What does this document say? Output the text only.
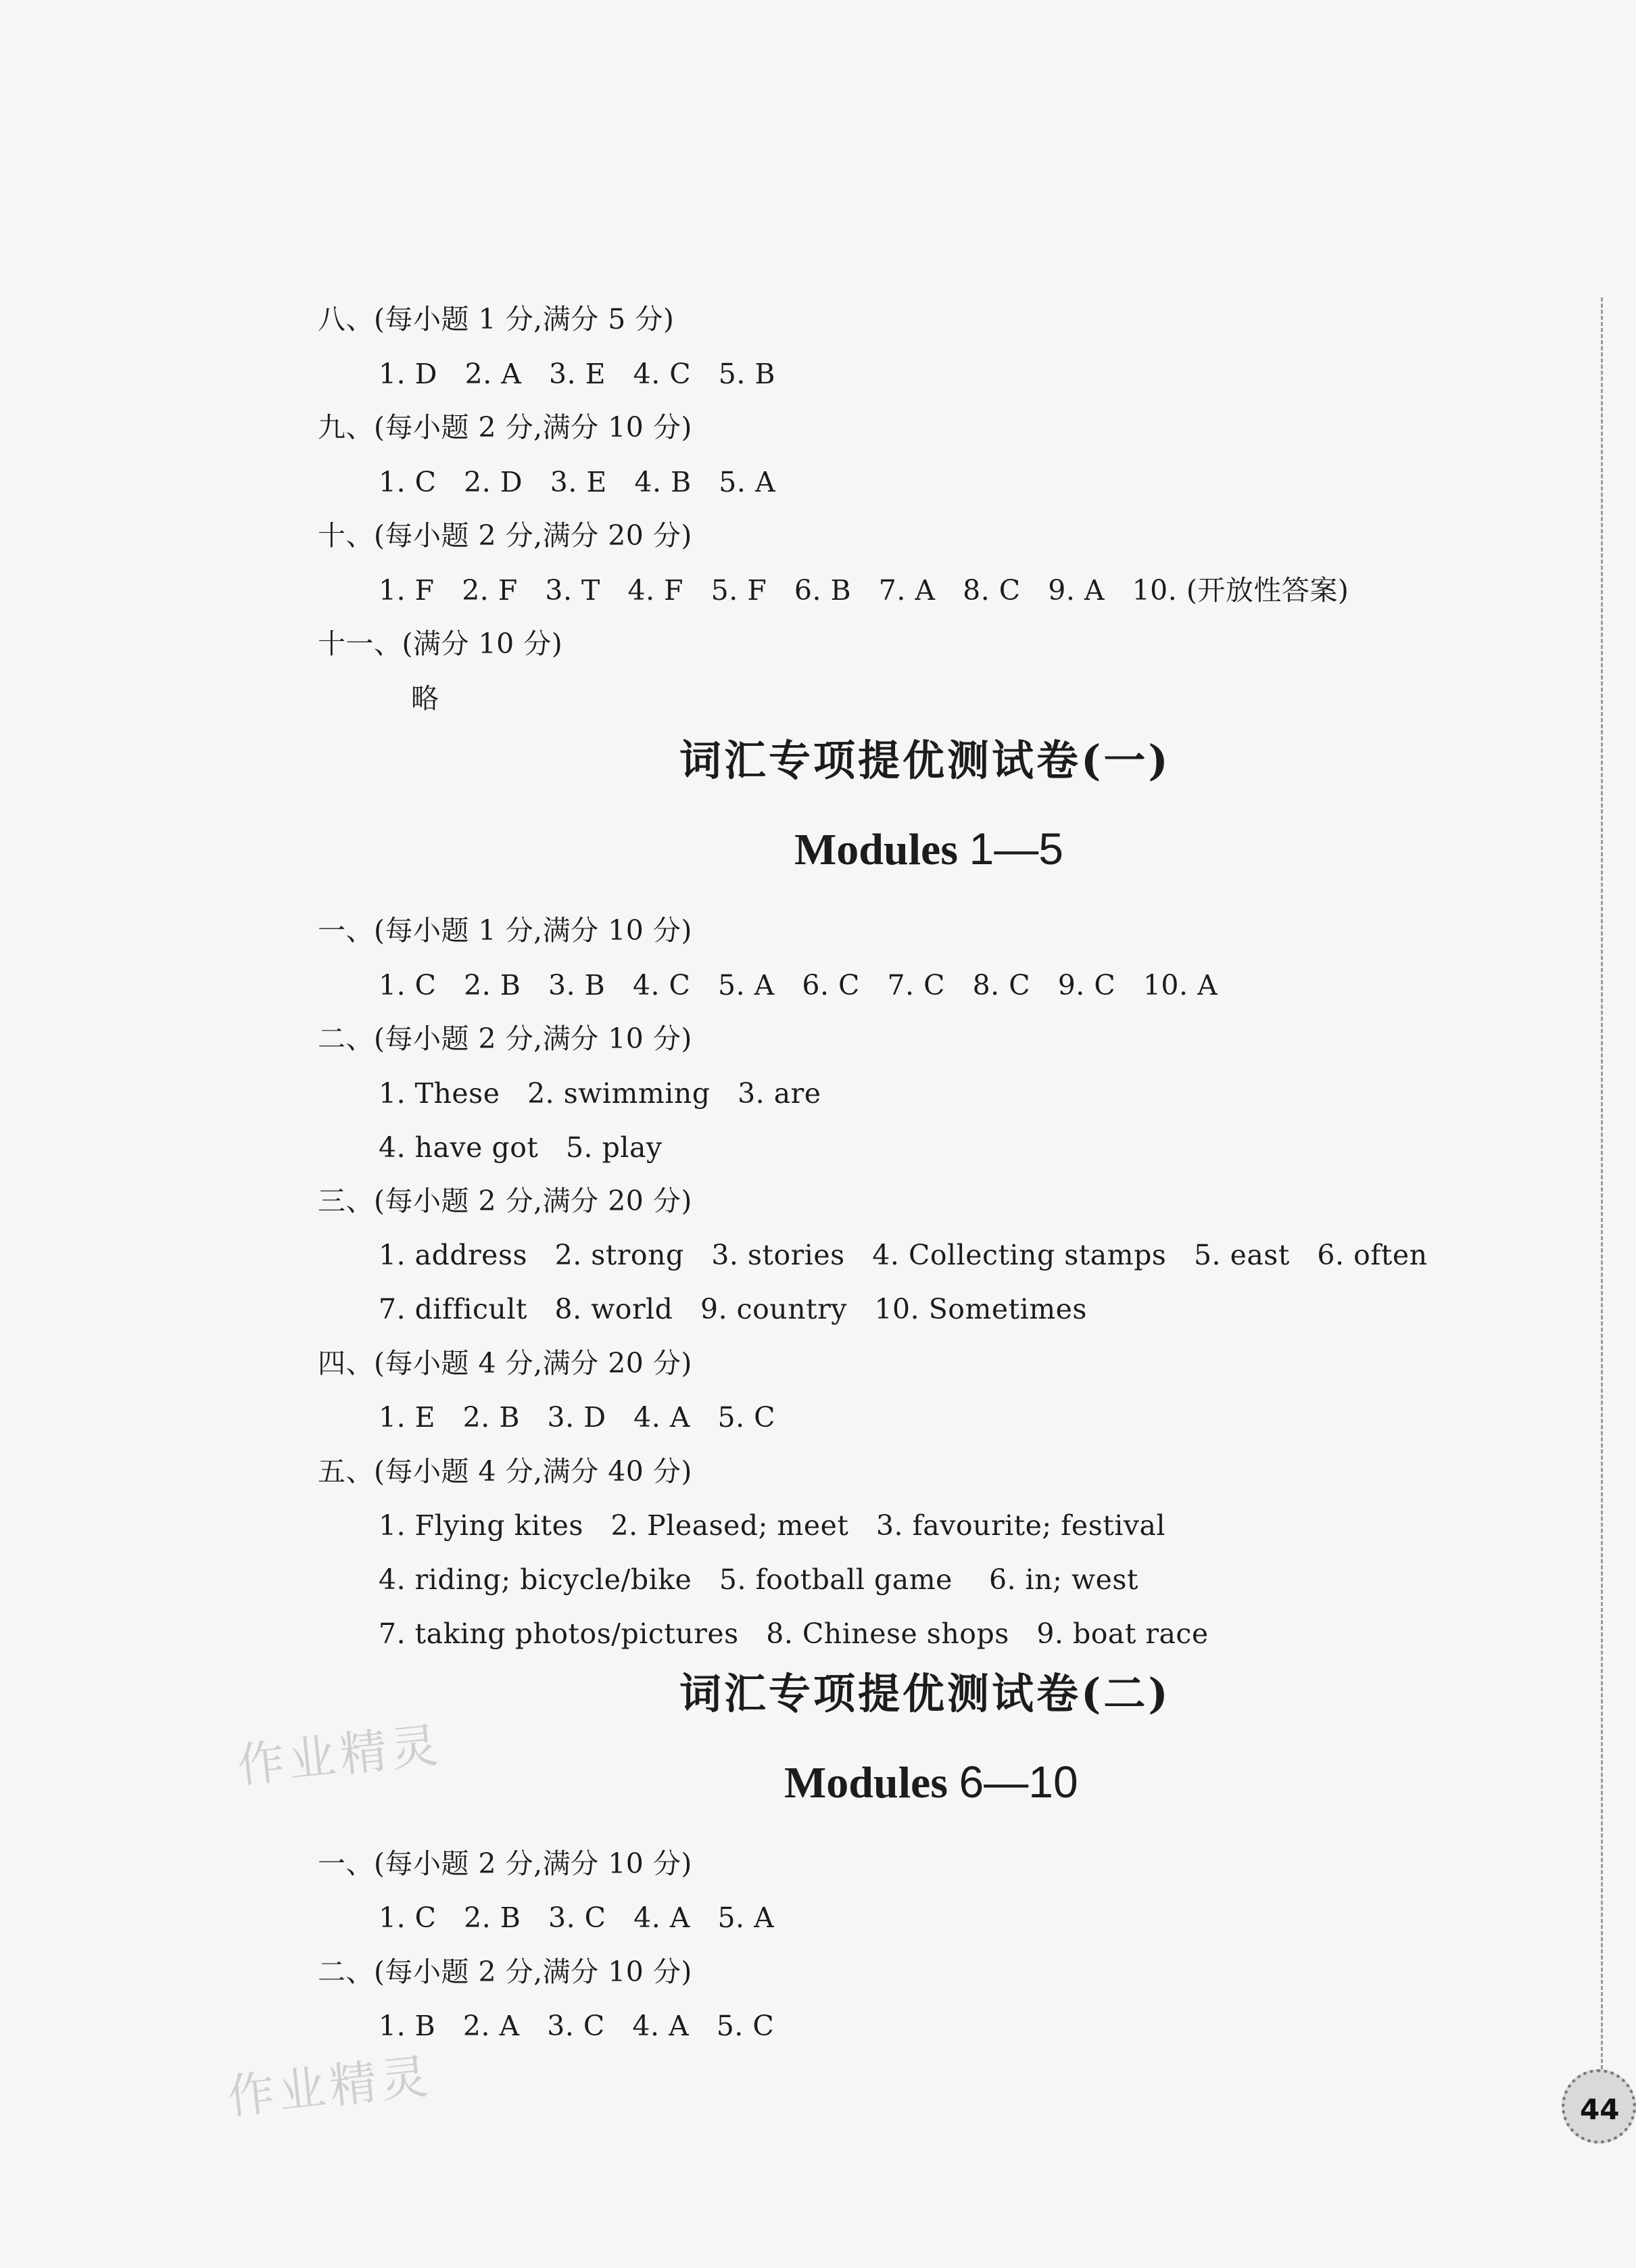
八、(每小题 1 分,满分 5 分)
1. D   2. A   3. E   4. C   5. B
九、(每小题 2 分,满分 10 分)
1. C   2. D   3. E   4. B   5. A
十、(每小题 2 分,满分 20 分)
1. F   2. F   3. T   4. F   5. F   6. B   7. A   8. C   9. A   10. (开放性答案)
十一、(满分 10 分)
略
一、(每小题 1 分,满分 10 分)
1. C   2. B   3. B   4. C   5. A   6. C   7. C   8. C   9. C   10. A
二、(每小题 2 分,满分 10 分)
1. These   2. swimming   3. are
4. have got   5. play
三、(每小题 2 分,满分 20 分)
1. address   2. strong   3. stories   4. Collecting stamps   5. east   6. often
7. difficult   8. world   9. country   10. Sometimes
四、(每小题 4 分,满分 20 分)
1. E   2. B   3. D   4. A   5. C
五、(每小题 4 分,满分 40 分)
1. Flying kites   2. Pleased; meet   3. favourite; festival
4. riding; bicycle/bike   5. football game    6. in; west
7. taking photos/pictures   8. Chinese shops   9. boat race
一、(每小题 2 分,满分 10 分)
1. C   2. B   3. C   4. A   5. A
二、(每小题 2 分,满分 10 分)
1. B   2. A   3. C   4. A   5. C
词汇专项提优测试卷(一)
Modules 1—5
词汇专项提优测试卷(二)
Modules 6—10
作业精灵
作业精灵	44
